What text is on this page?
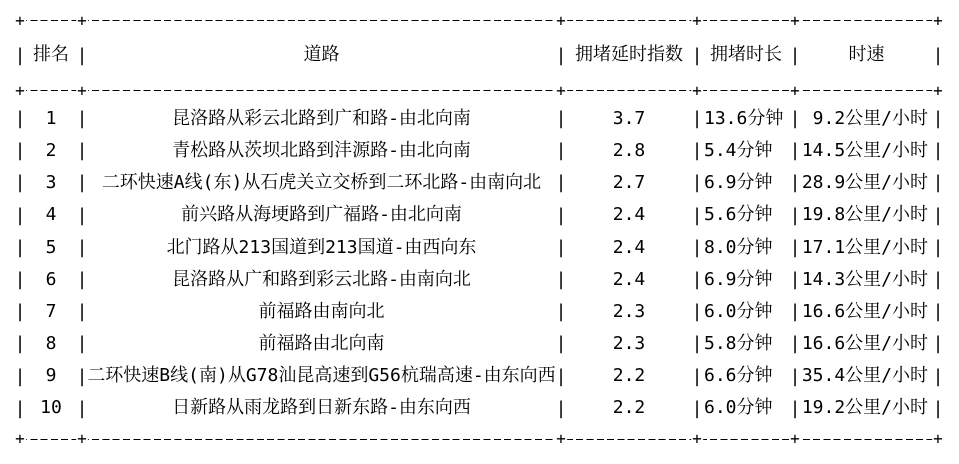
+	+	+	+	+	+
排名	道路	拥堵延时指数	拥堵时长	时速
|	|	|	|	|	|
+	+	+	+	+	+
1	昆洛路从彩云北路到广和路-由北向南	3.7	13.6分钟	9.2公里/小时
|	|	|	|	|	|
2	青松路从茨坝北路到沣源路-由北向南	2.8	5.4分钟	14.5公里/小时
|	|	|	|	|	|
3	二环快速A线(东)从石虎关立交桥到二环北路-由南向北	2.7	6.9分钟	28.9公里/小时
|	|	|	|	|	|
4	前兴路从海埂路到广福路-由北向南	2.4	5.6分钟	19.8公里/小时
|	|	|	|	|	|
5	北门路从213国道到213国道-由西向东	2.4	8.0分钟	17.1公里/小时
|	|	|	|	|	|
6	昆洛路从广和路到彩云北路-由南向北	2.4	6.9分钟	14.3公里/小时
|	|	|	|	|	|
7	前福路由南向北	2.3	6.0分钟	16.6公里/小时
|	|	|	|	|	|
8	前福路由北向南	2.3	5.8分钟	16.6公里/小时
|	|	|	|	|	|
9	二环快速B线(南)从G78汕昆高速到G56杭瑞高速-由东向西	2.2	6.6分钟	35.4公里/小时
|	|	|	|	|	|
10	日新路从雨龙路到日新东路-由东向西	2.2	6.0分钟	19.2公里/小时
|	|	|	|	|	|
+	+	+	+	+	+
